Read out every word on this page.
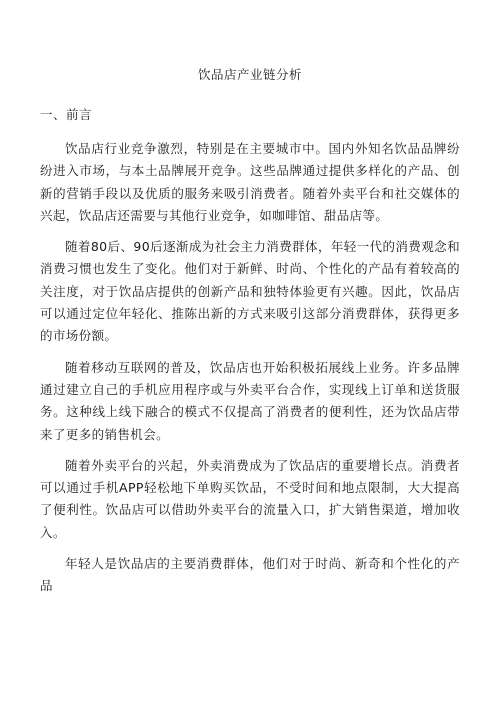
饮品店产业链分析
一、前言

饮品店行业竞争激烈，特别是在主要城市中。国内外知名饮品品牌纷纷进入市场，与本土品牌展开竞争。这些品牌通过提供多样化的产品、创新的营销手段以及优质的服务来吸引消费者。随着外卖平台和社交媒体的兴起，饮品店还需要与其他行业竞争，如咖啡馆、甜品店等。

随着80后、90后逐渐成为社会主力消费群体，年轻一代的消费观念和消费习惯也发生了变化。他们对于新鲜、时尚、个性化的产品有着较高的关注度，对于饮品店提供的创新产品和独特体验更有兴趣。因此，饮品店可以通过定位年轻化、推陈出新的方式来吸引这部分消费群体，获得更多的市场份额。

随着移动互联网的普及，饮品店也开始积极拓展线上业务。许多品牌通过建立自己的手机应用程序或与外卖平台合作，实现线上订单和送货服务。这种线上线下融合的模式不仅提高了消费者的便利性，还为饮品店带来了更多的销售机会。

随着外卖平台的兴起，外卖消费成为了饮品店的重要增长点。消费者可以通过手机APP轻松地下单购买饮品，不受时间和地点限制，大大提高了便利性。饮品店可以借助外卖平台的流量入口，扩大销售渠道，增加收入。

年轻人是饮品店的主要消费群体，他们对于时尚、新奇和个性化的产品
